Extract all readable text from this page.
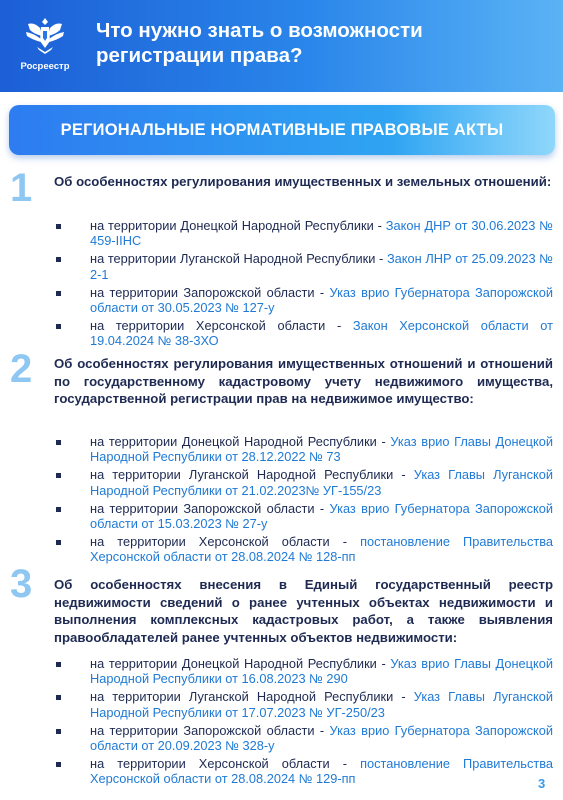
Росреестр
Что нужно знать о возможности регистрации права?
РЕГИОНАЛЬНЫЕ НОРМАТИВНЫЕ ПРАВОВЫЕ АКТЫ
1	Об особенностях регулирования имущественных и земельных отношений:
на территории Донецкой Народной Республики - Закон ДНР от 30.06.2023 № 459-IIНС
на территории Луганской Народной Республики - Закон ЛНР от 25.09.2023 № 2-1
на территории Запорожской области - Указ врио Губернатора Запорожской области от 30.05.2023 № 127-у
на территории Херсонской области - Закон Херсонской области от 19.04.2024 № 38-3ХО
2	Об особенностях регулирования имущественных отношений и отношений по государственному кадастровому учету недвижимого имущества, государственной регистрации прав на недвижимое имущество:
на территории Донецкой Народной Республики - Указ врио Главы Донецкой Народной Республики от 28.12.2022 № 73
на территории Луганской Народной Республики - Указ Главы Луганской Народной Республики от 21.02.2023№ УГ-155/23
на территории Запорожской области - Указ врио Губернатора Запорожской области от 15.03.2023 № 27-у
на территории Херсонской области - постановление Правительства Херсонской области от 28.08.2024 № 128-пп
3	Об особенностях внесения в Единый государственный реестр недвижимости сведений о ранее учтенных объектах недвижимости и выполнения комплексных кадастровых работ, а также выявления правообладателей ранее учтенных объектов недвижимости:
на территории Донецкой Народной Республики - Указ врио Главы Донецкой Народной Республики от 16.08.2023 № 290
на территории Луганской Народной Республики - Указ Главы Луганской Народной Республики от 17.07.2023 № УГ-250/23
на территории Запорожской области - Указ врио Губернатора Запорожской области от 20.09.2023 № 328-у
на территории Херсонской области - постановление Правительства Херсонской области от 28.08.2024 № 129-пп	3
